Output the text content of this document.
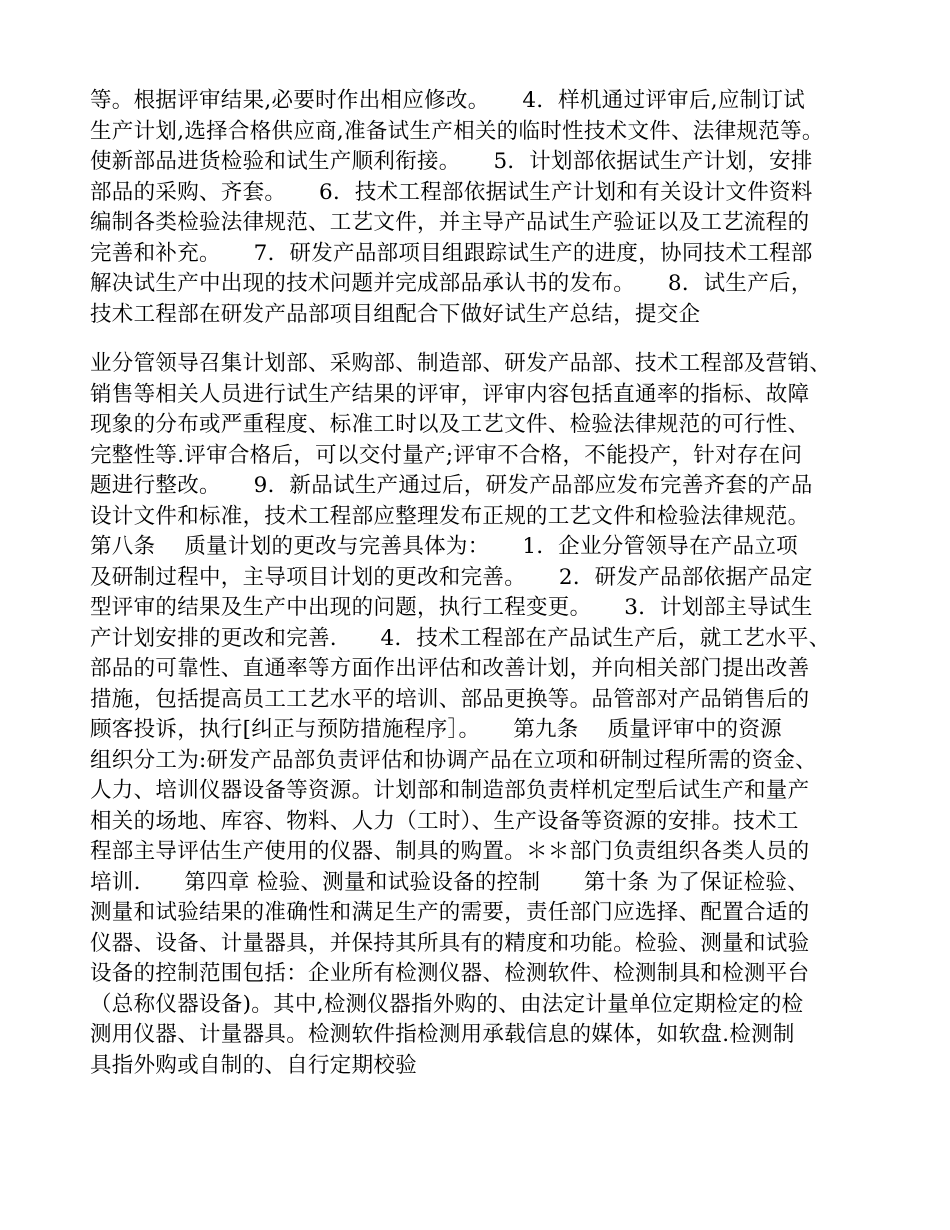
等。根据评审结果,必要时作出相应修改。　　4．样机通过评审后,应制订试
生产计划,选择合格供应商,准备试生产相关的临时性技术文件、法律规范等。
使新部品进货检验和试生产顺利衔接。　　5．计划部依据试生产计划，安排
部品的采购、齐套。　　6．技术工程部依据试生产计划和有关设计文件资料
编制各类检验法律规范、工艺文件，并主导产品试生产验证以及工艺流程的
完善和补充。　　7．研发产品部项目组跟踪试生产的进度，协同技术工程部
解决试生产中出现的技术问题并完成部品承认书的发布。　　8．试生产后，
技术工程部在研发产品部项目组配合下做好试生产总结，提交企
业分管领导召集计划部、采购部、制造部、研发产品部、技术工程部及营销、
销售等相关人员进行试生产结果的评审，评审内容包括直通率的指标、故障
现象的分布或严重程度、标准工时以及工艺文件、检验法律规范的可行性、
完整性等.评审合格后，可以交付量产;评审不合格，不能投产，针对存在问
题进行整改。　　9．新品试生产通过后，研发产品部应发布完善齐套的产品
设计文件和标准，技术工程部应整理发布正规的工艺文件和检验法律规范。
第八条　 质量计划的更改与完善具体为：　　1．企业分管领导在产品立项
及研制过程中，主导项目计划的更改和完善。　　2．研发产品部依据产品定
型评审的结果及生产中出现的问题，执行工程变更。　　3．计划部主导试生
产计划安排的更改和完善.　　4．技术工程部在产品试生产后，就工艺水平、
部品的可靠性、直通率等方面作出评估和改善计划，并向相关部门提出改善
措施，包括提高员工工艺水平的培训、部品更换等。品管部对产品销售后的
顾客投诉，执行[纠正与预防措施程序］。　　第九条　 质量评审中的资源
组织分工为:研发产品部负责评估和协调产品在立项和研制过程所需的资金、
人力、培训仪器设备等资源。计划部和制造部负责样机定型后试生产和量产
相关的场地、库容、物料、人力（工时）、生产设备等资源的安排。技术工
程部主导评估生产使用的仪器、制具的购置。＊＊部门负责组织各类人员的
培训.　　第四章 检验、测量和试验设备的控制　　第十条 为了保证检验、
测量和试验结果的准确性和满足生产的需要，责任部门应选择、配置合适的
仪器、设备、计量器具，并保持其所具有的精度和功能。检验、测量和试验
设备的控制范围包括：企业所有检测仪器、检测软件、检测制具和检测平台
（总称仪器设备)。其中,检测仪器指外购的、由法定计量单位定期检定的检
测用仪器、计量器具。检测软件指检测用承载信息的媒体，如软盘.检测制
具指外购或自制的、自行定期校验
